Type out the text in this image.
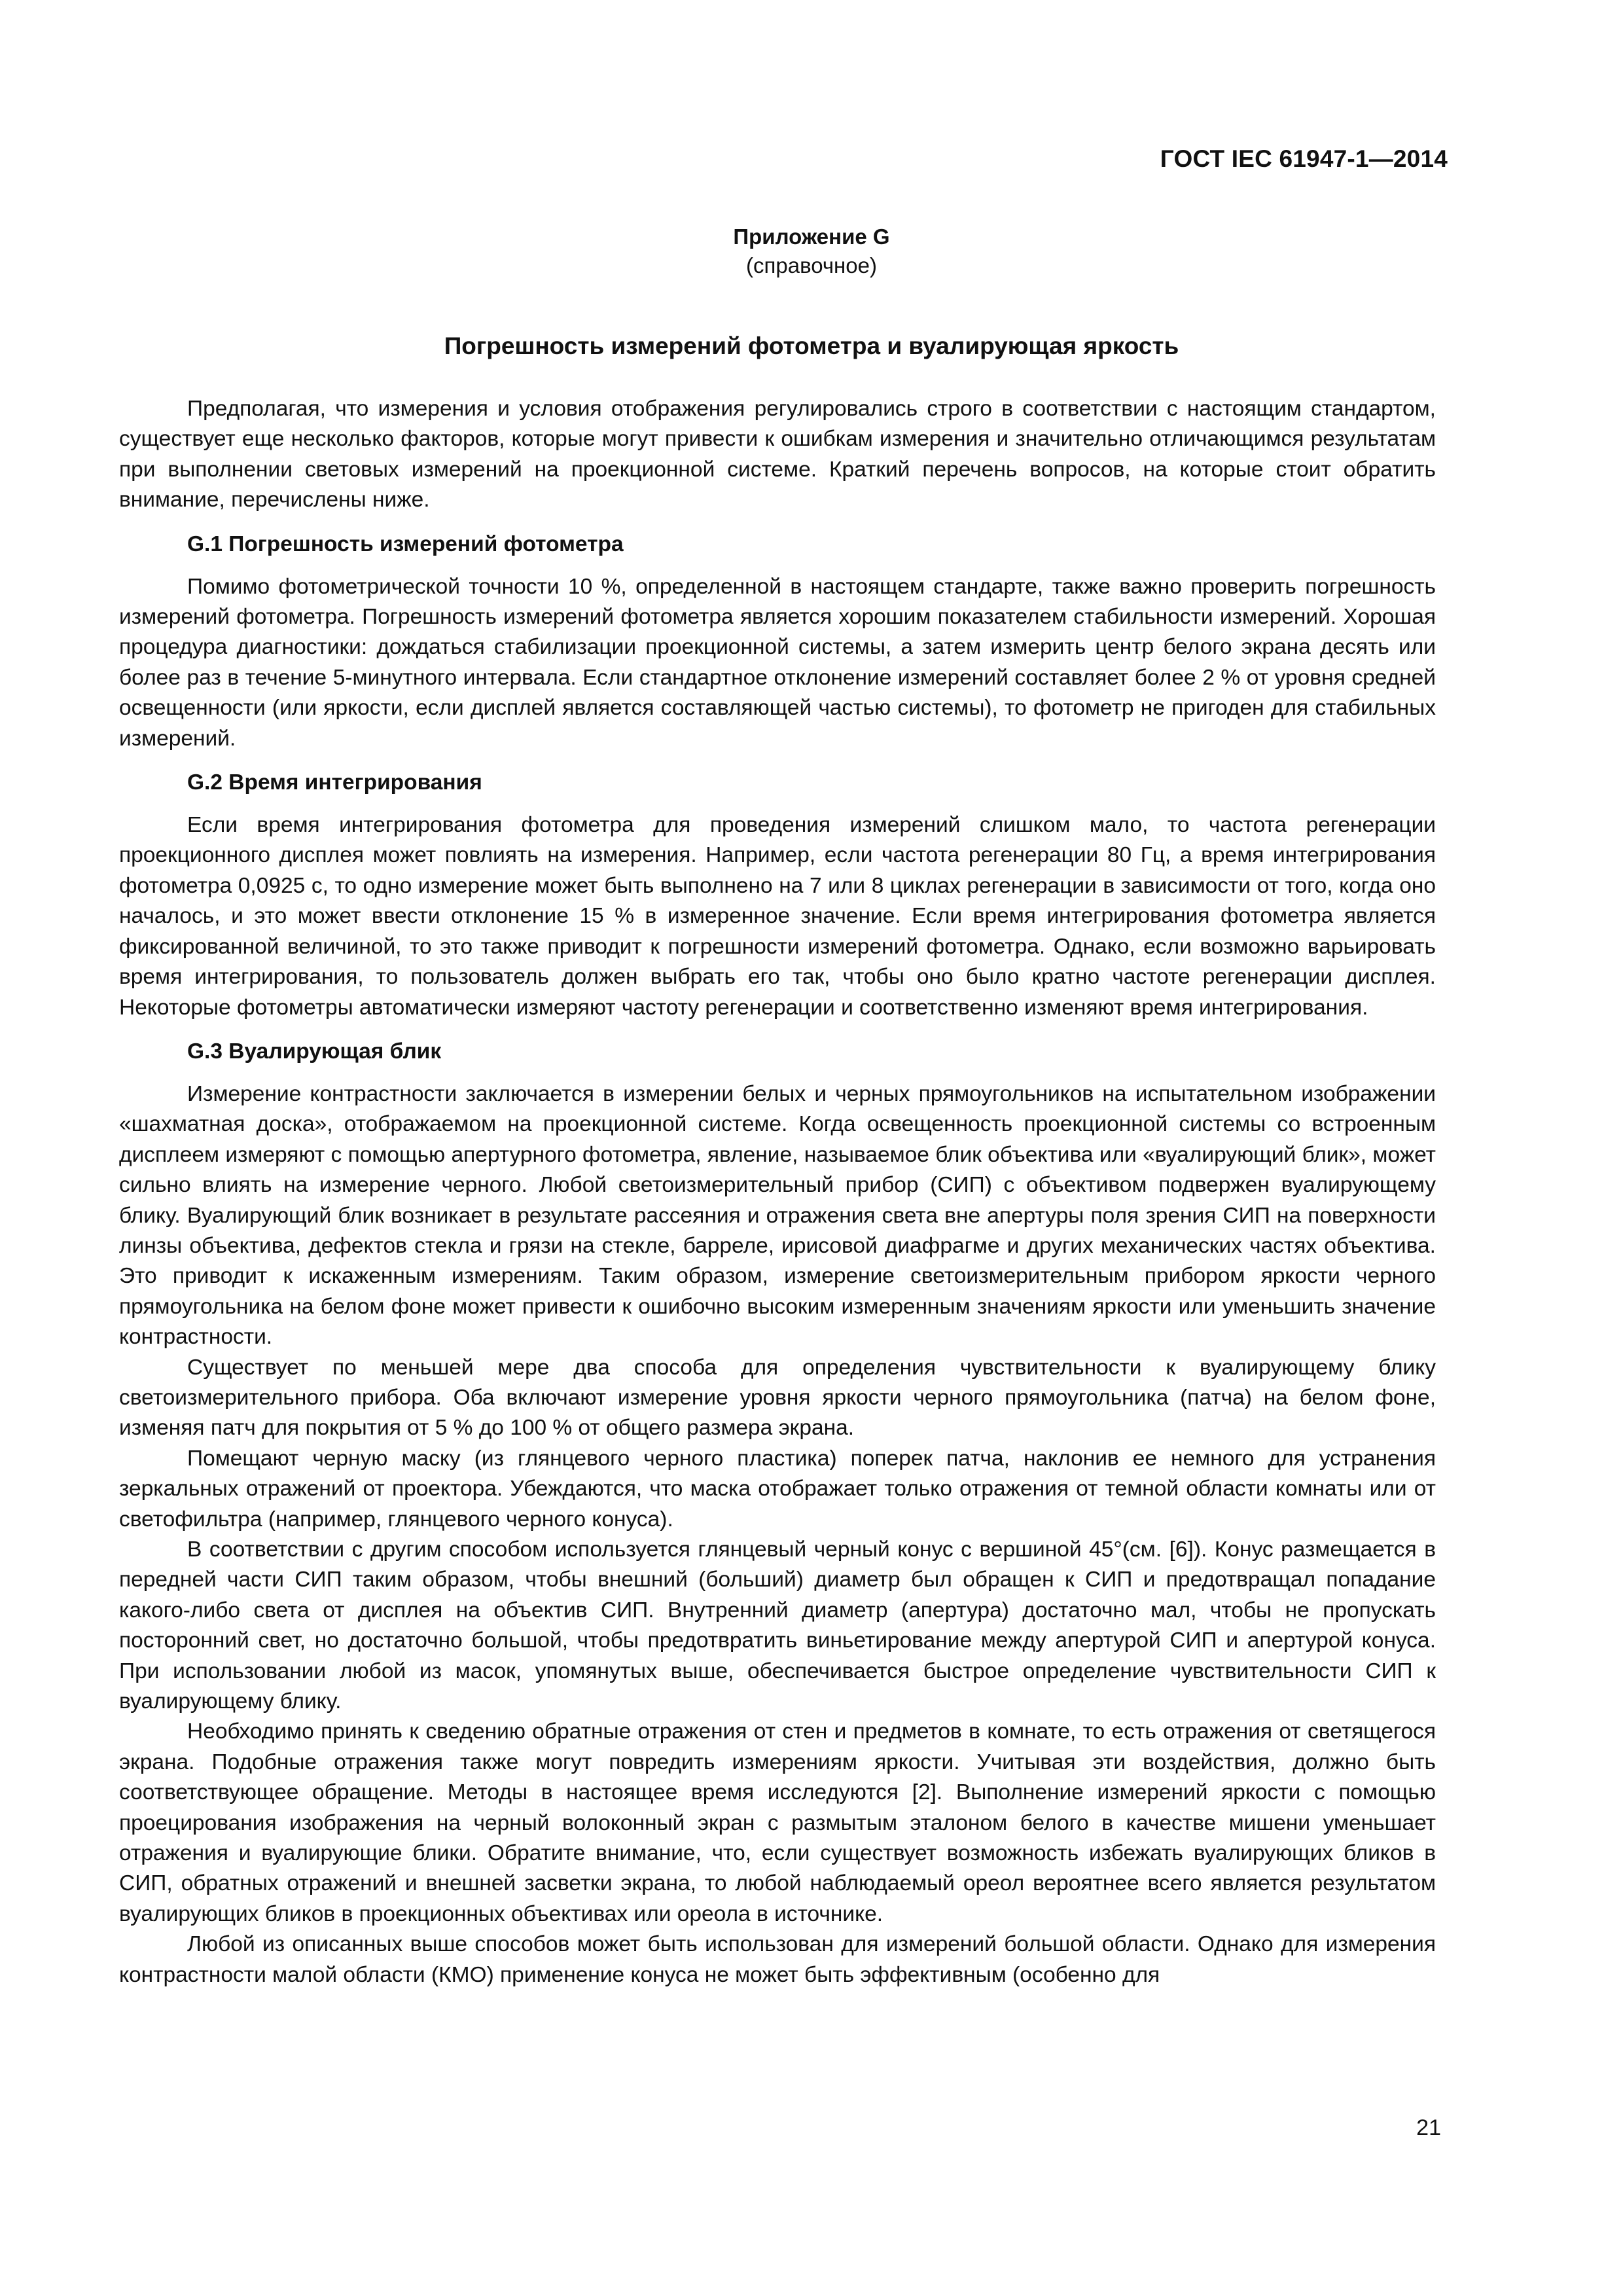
ГОСТ IEC 61947-1—2014
Приложение G
(справочное)
Погрешность измерений фотометра и вуалирующая яркость

Предполагая, что измерения и условия отображения регулировались строго в соответствии с настоящим стандартом, существует еще несколько факторов, которые могут привести к ошибкам измерения и значительно отличающимся результатам при выполнении световых измерений на проекционной системе. Краткий перечень вопросов, на которые стоит обратить внимание, перечислены ниже.

G.1 Погрешность измерений фотометра

Помимо фотометрической точности 10 %, определенной в настоящем стандарте, также важно проверить погрешность измерений фотометра. Погрешность измерений фотометра является хорошим показателем стабильности измерений. Хорошая процедура диагностики: дождаться стабилизации проекционной системы, а затем измерить центр белого экрана десять или более раз в течение 5-минутного интервала. Если стандартное отклонение измерений составляет более 2 % от уровня средней освещенности (или яркости, если дисплей является составляющей частью системы), то фотометр не пригоден для стабильных измерений.

G.2 Время интегрирования

Если время интегрирования фотометра для проведения измерений слишком мало, то частота регенерации проекционного дисплея может повлиять на измерения. Например, если частота регенерации 80 Гц, а время интегрирования фотометра 0,0925 с, то одно измерение может быть выполнено на 7 или 8 циклах регенерации в зависимости от того, когда оно началось, и это может ввести отклонение 15 % в измеренное значение. Если время интегрирования фотометра является фиксированной величиной, то это также приводит к погрешности измерений фотометра. Однако, если возможно варьировать время интегрирования, то пользователь должен выбрать его так, чтобы оно было кратно частоте регенерации дисплея. Некоторые фотометры автоматически измеряют частоту регенерации и соответственно изменяют время интегрирования.

G.3 Вуалирующая блик

Измерение контрастности заключается в измерении белых и черных прямоугольников на испытательном изображении «шахматная доска», отображаемом на проекционной системе. Когда освещенность проекционной системы со встроенным дисплеем измеряют с помощью апертурного фотометра, явление, называемое блик объектива или «вуалирующий блик», может сильно влиять на измерение черного. Любой светоизмерительный прибор (СИП) с объективом подвержен вуалирующему блику. Вуалирующий блик возникает в результате рассеяния и отражения света вне апертуры поля зрения СИП на поверхности линзы объектива, дефектов стекла и грязи на стекле, барреле, ирисовой диафрагме и других механических частях объектива. Это приводит к искаженным измерениям. Таким образом, измерение светоизмерительным прибором яркости черного прямоугольника на белом фоне может привести к ошибочно высоким измеренным значениям яркости или уменьшить значение контрастности.

Существует по меньшей мере два способа для определения чувствительности к вуалирующему блику светоизмерительного прибора. Оба включают измерение уровня яркости черного прямоугольника (патча) на белом фоне, изменяя патч для покрытия от 5 % до 100 % от общего размера экрана.

Помещают черную маску (из глянцевого черного пластика) поперек патча, наклонив ее немного для устранения зеркальных отражений от проектора. Убеждаются, что маска отображает только отражения от темной области комнаты или от светофильтра (например, глянцевого черного конуса).

В соответствии с другим способом используется глянцевый черный конус с вершиной 45°(см. [6]). Конус размещается в передней части СИП таким образом, чтобы внешний (больший) диаметр был обращен к СИП и предотвращал попадание какого-либо света от дисплея на объектив СИП. Внутренний диаметр (апертура) достаточно мал, чтобы не пропускать посторонний свет, но достаточно большой, чтобы предотвратить виньетирование между апертурой СИП и апертурой конуса. При использовании любой из масок, упомянутых выше, обеспечивается быстрое определение чувствительности СИП к вуалирующему блику.

Необходимо принять к сведению обратные отражения от стен и предметов в комнате, то есть отражения от светящегося экрана. Подобные отражения также могут повредить измерениям яркости. Учитывая эти воздействия, должно быть соответствующее обращение. Методы в настоящее время исследуются [2]. Выполнение измерений яркости с помощью проецирования изображения на черный волоконный экран с размытым эталоном белого в качестве мишени уменьшает отражения и вуалирующие блики. Обратите внимание, что, если существует возможность избежать вуалирующих бликов в СИП, обратных отражений и внешней засветки экрана, то любой наблюдаемый ореол вероятнее всего является результатом вуалирующих бликов в проекционных объективах или ореола в источнике.

Любой из описанных выше способов может быть использован для измерений большой области. Однако для измерения контрастности малой области (КМО) применение конуса не может быть эффективным (особенно для

21
